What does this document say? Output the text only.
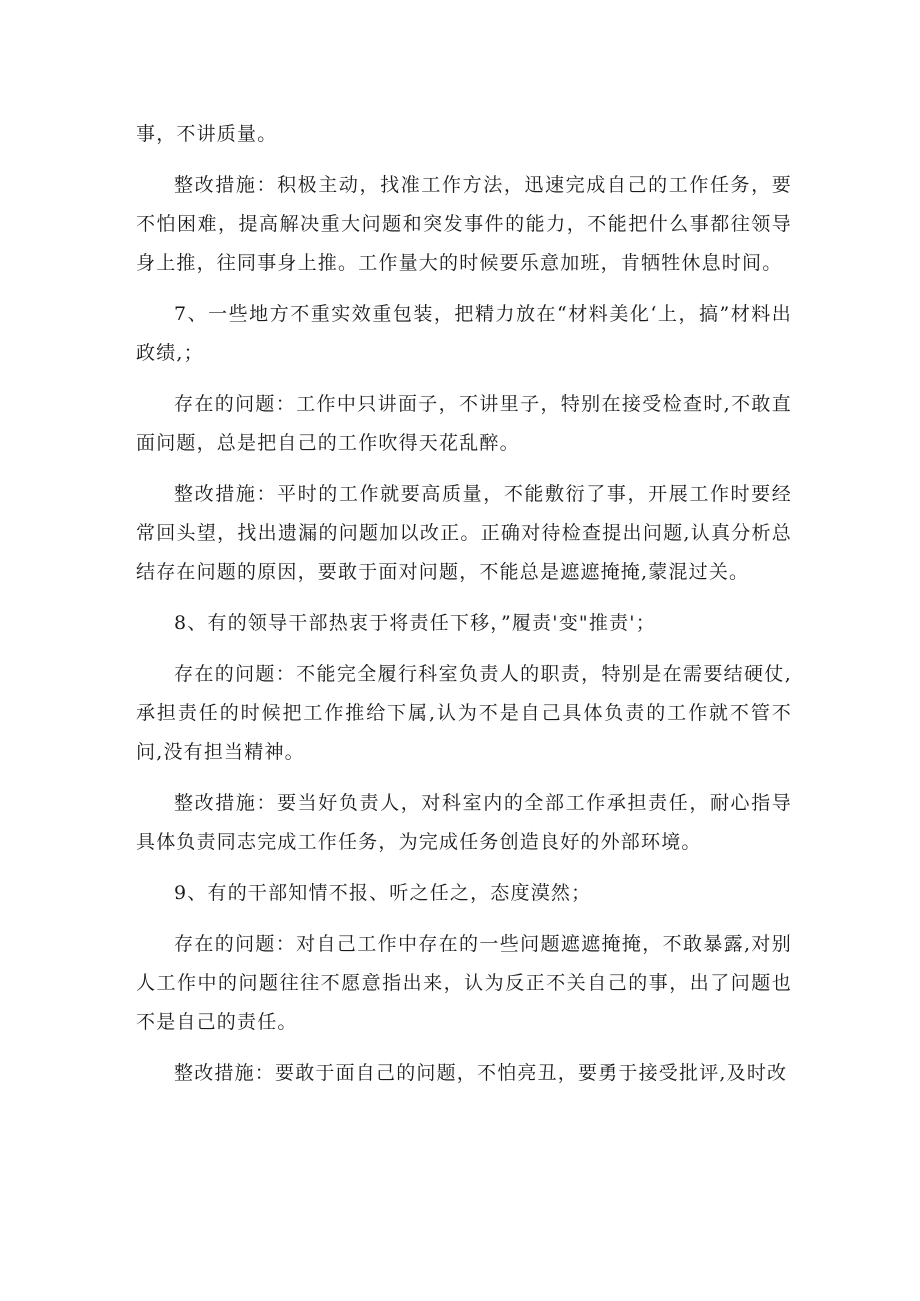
事，不讲质量。

整改措施：积极主动，找准工作方法，迅速完成自己的工作任务，要不怕困难，提高解决重大问题和突发事件的能力，不能把什么事都往领导身上推，往同事身上推。工作量大的时候要乐意加班，肯牺牲休息时间。

7、一些地方不重实效重包装，把精力放在“材料美化‘上，搞”材料出政绩,；

存在的问题：工作中只讲面子，不讲里子，特别在接受检查时,不敢直面问题，总是把自己的工作吹得天花乱醉。

整改措施：平时的工作就要高质量，不能敷衍了事，开展工作时要经常回头望，找出遗漏的问题加以改正。正确对待检查提出问题,认真分析总结存在问题的原因，要敢于面对问题，不能总是遮遮掩掩,蒙混过关。

8、有的领导干部热衷于将责任下移，”履责'变"推责'；

存在的问题：不能完全履行科室负责人的职责，特别是在需要结硬仗,承担责任的时候把工作推给下属,认为不是自己具体负责的工作就不管不问,没有担当精神。

整改措施：要当好负责人，对科室内的全部工作承担责任，耐心指导具体负责同志完成工作任务，为完成任务创造良好的外部环境。

9、有的干部知情不报、听之任之，态度漠然；

存在的问题：对自己工作中存在的一些问题遮遮掩掩，不敢暴露,对别人工作中的问题往往不愿意指出来，认为反正不关自己的事，出了问题也不是自己的责任。

整改措施：要敢于面自己的问题，不怕亮丑，要勇于接受批评,及时改
